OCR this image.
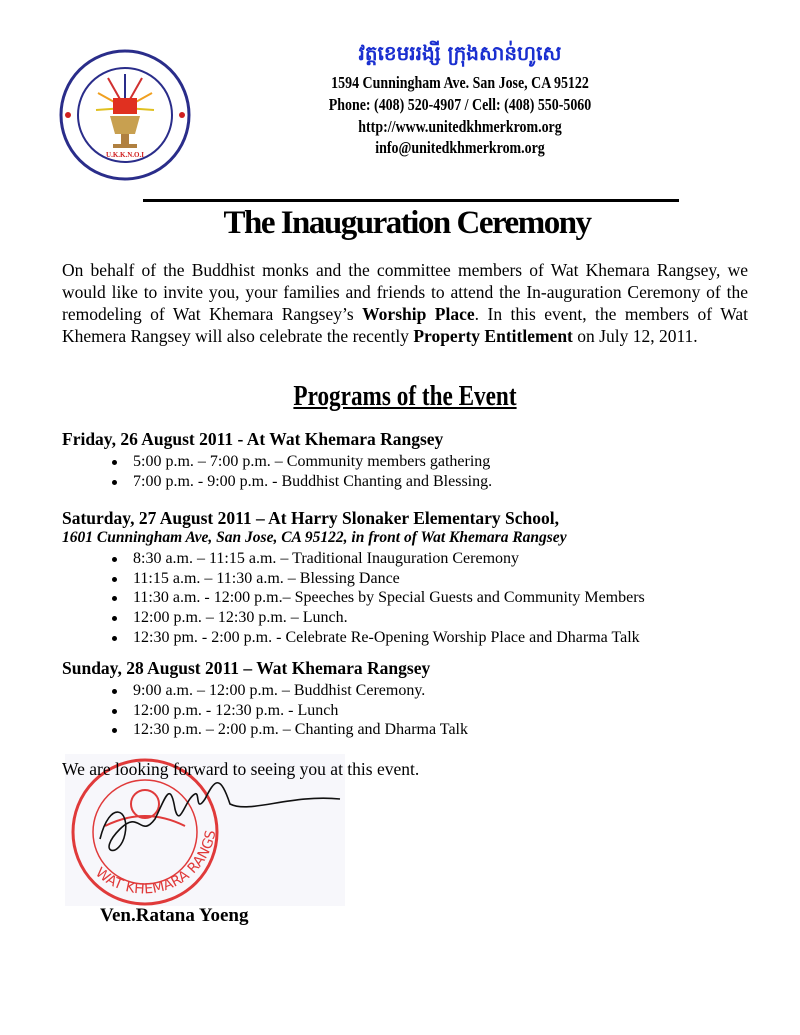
U.K.K.N.O.I
វត្តខេមររង្សី ក្រុងសាន់ហូសេ
1594 Cunningham Ave. San Jose, CA 95122
Phone: (408) 520-4907 / Cell: (408) 550-5060
http://www.unitedkhmerkrom.org
info@unitedkhmerkrom.org
The Inauguration Ceremony
On behalf of the Buddhist monks and the committee members of Wat Khemara Rangsey, we would like to invite you, your families and friends to attend the In-auguration Ceremony of the remodeling of Wat Khemara Rangsey’s Worship Place. In this event, the members of Wat Khemera Rangsey will also celebrate the recently Property Entitlement on July 12, 2011.
Programs of the Event
Friday, 26 August 2011 - At Wat Khemara Rangsey
5:00 p.m. – 7:00 p.m. – Community members gathering
7:00 p.m. - 9:00 p.m. - Buddhist Chanting and Blessing.
Saturday, 27 August 2011 – At Harry Slonaker Elementary School,
1601 Cunningham Ave, San Jose, CA 95122, in front of Wat Khemara Rangsey
8:30 a.m. – 11:15 a.m. – Traditional Inauguration Ceremony
11:15 a.m. – 11:30 a.m. – Blessing Dance
11:30 a.m. - 12:00 p.m.– Speeches by Special Guests and Community Members
12:00 p.m. – 12:30 p.m. – Lunch.
12:30 pm. - 2:00 p.m. - Celebrate Re-Opening Worship Place and Dharma Talk
Sunday, 28 August 2011 – Wat Khemara Rangsey
9:00 a.m. – 12:00 p.m. – Buddhist Ceremony.
12:00 p.m. - 12:30 p.m. - Lunch
12:30 p.m. – 2:00 p.m. – Chanting and Dharma Talk
We are looking forward to seeing you at this event.
WAT KHEMARA RANGS
Ven.Ratana Yoeng
